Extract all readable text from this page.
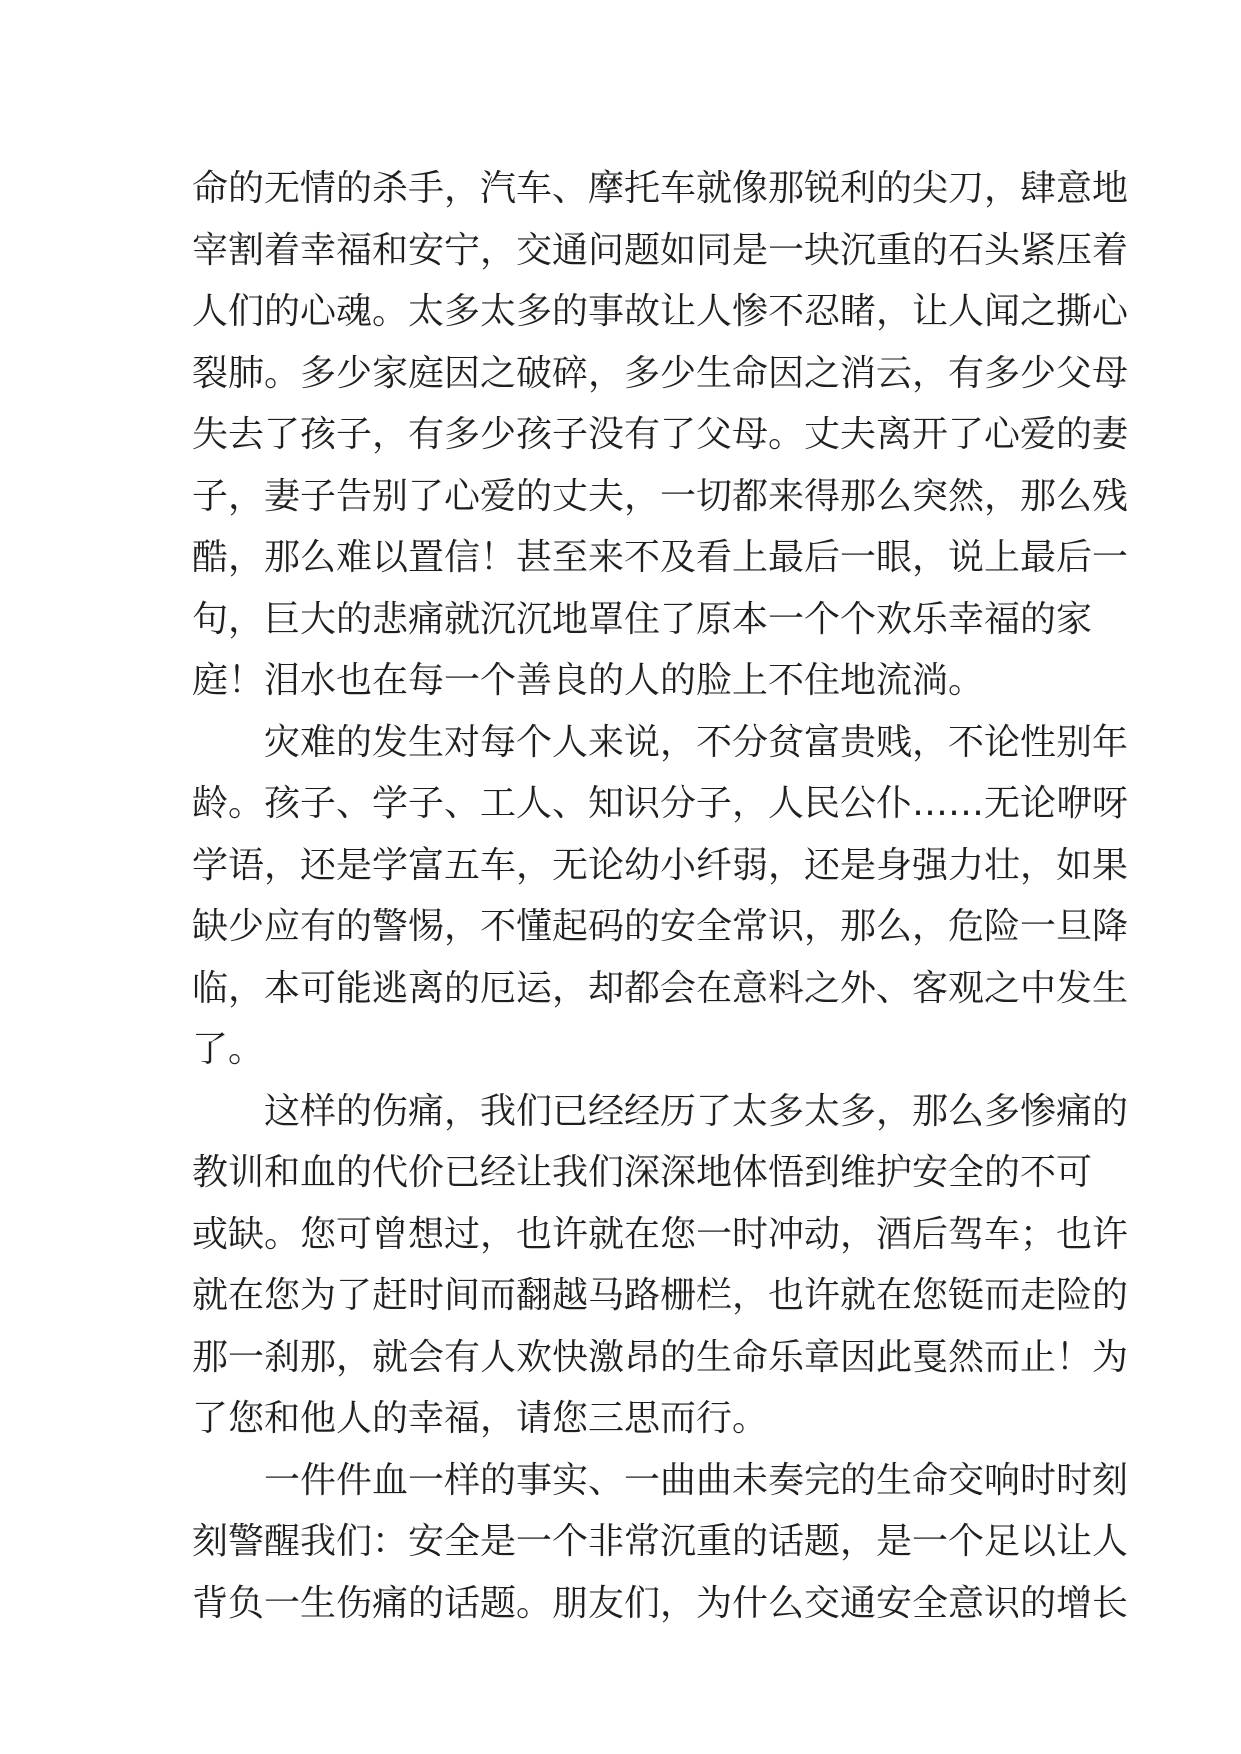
命的无情的杀手，汽车、摩托车就像那锐利的尖刀，肆意地
宰割着幸福和安宁，交通问题如同是一块沉重的石头紧压着
人们的心魂。太多太多的事故让人惨不忍睹，让人闻之撕心
裂肺。多少家庭因之破碎，多少生命因之消云，有多少父母
失去了孩子，有多少孩子没有了父母。丈夫离开了心爱的妻
子，妻子告别了心爱的丈夫，一切都来得那么突然，那么残
酷，那么难以置信！甚至来不及看上最后一眼，说上最后一
句，巨大的悲痛就沉沉地罩住了原本一个个欢乐幸福的家
庭！泪水也在每一个善良的人的脸上不住地流淌。
灾难的发生对每个人来说，不分贫富贵贱，不论性别年
龄。孩子、学子、工人、知识分子，人民公仆……无论咿呀
学语，还是学富五车，无论幼小纤弱，还是身强力壮，如果
缺少应有的警惕，不懂起码的安全常识，那么，危险一旦降
临，本可能逃离的厄运，却都会在意料之外、客观之中发生
了。
这样的伤痛，我们已经经历了太多太多，那么多惨痛的
教训和血的代价已经让我们深深地体悟到维护安全的不可
或缺。您可曾想过，也许就在您一时冲动，酒后驾车；也许
就在您为了赶时间而翻越马路栅栏，也许就在您铤而走险的
那一刹那，就会有人欢快激昂的生命乐章因此戛然而止！为
了您和他人的幸福，请您三思而行。
一件件血一样的事实、一曲曲未奏完的生命交响时时刻
刻警醒我们：安全是一个非常沉重的话题，是一个足以让人
背负一生伤痛的话题。朋友们，为什么交通安全意识的增长
